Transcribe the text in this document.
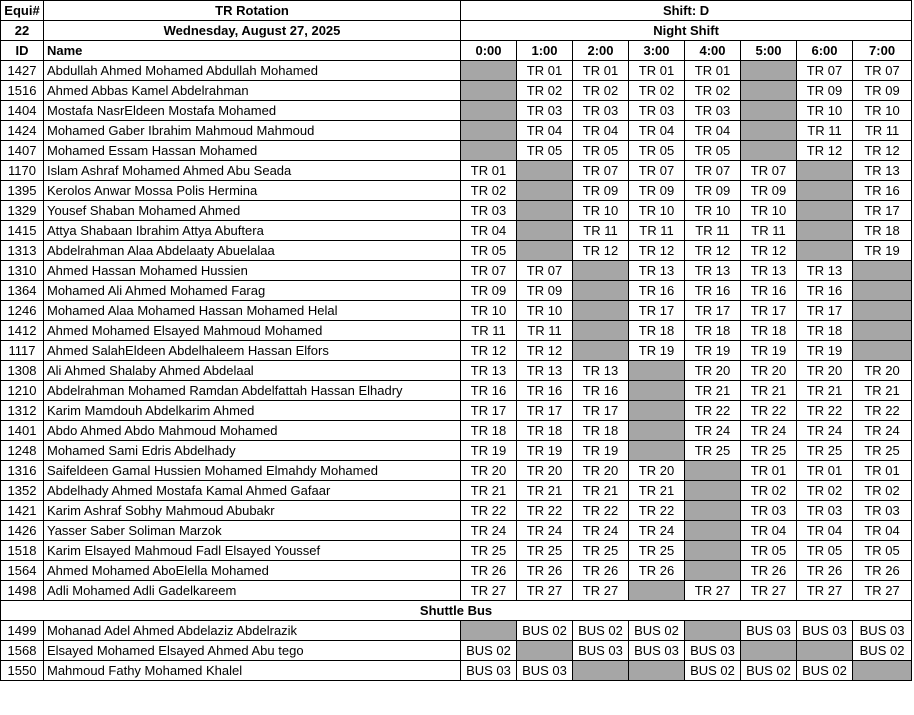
Equi#	TR Rotation	Shift: D							
22	Wednesday, August 27, 2025	Night Shift							
ID	Name	0:00	1:00	2:00	3:00	4:00	5:00	6:00	7:00
1427	Abdullah Ahmed Mohamed Abdullah Mohamed		TR 01	TR 01	TR 01	TR 01		TR 07	TR 07
1516	Ahmed Abbas Kamel Abdelrahman		TR 02	TR 02	TR 02	TR 02		TR 09	TR 09
1404	Mostafa NasrEldeen Mostafa Mohamed		TR 03	TR 03	TR 03	TR 03		TR 10	TR 10
1424	Mohamed Gaber Ibrahim Mahmoud Mahmoud		TR 04	TR 04	TR 04	TR 04		TR 11	TR 11
1407	Mohamed Essam Hassan Mohamed		TR 05	TR 05	TR 05	TR 05		TR 12	TR 12
1170	Islam Ashraf Mohamed Ahmed Abu Seada	TR 01		TR 07	TR 07	TR 07	TR 07		TR 13
1395	Kerolos Anwar Mossa Polis Hermina	TR 02		TR 09	TR 09	TR 09	TR 09		TR 16
1329	Yousef Shaban Mohamed Ahmed	TR 03		TR 10	TR 10	TR 10	TR 10		TR 17
1415	Attya Shabaan Ibrahim Attya Abuftera	TR 04		TR 11	TR 11	TR 11	TR 11		TR 18
1313	Abdelrahman Alaa Abdelaaty Abuelalaa	TR 05		TR 12	TR 12	TR 12	TR 12		TR 19
1310	Ahmed Hassan Mohamed Hussien	TR 07	TR 07		TR 13	TR 13	TR 13	TR 13	
1364	Mohamed Ali Ahmed Mohamed Farag	TR 09	TR 09		TR 16	TR 16	TR 16	TR 16	
1246	Mohamed Alaa Mohamed Hassan Mohamed Helal	TR 10	TR 10		TR 17	TR 17	TR 17	TR 17	
1412	Ahmed Mohamed Elsayed Mahmoud Mohamed	TR 11	TR 11		TR 18	TR 18	TR 18	TR 18	
1117	Ahmed SalahEldeen Abdelhaleem Hassan Elfors	TR 12	TR 12		TR 19	TR 19	TR 19	TR 19	
1308	Ali Ahmed Shalaby Ahmed Abdelaal	TR 13	TR 13	TR 13		TR 20	TR 20	TR 20	TR 20
1210	Abdelrahman Mohamed Ramdan Abdelfattah Hassan Elhadry	TR 16	TR 16	TR 16		TR 21	TR 21	TR 21	TR 21
1312	Karim Mamdouh Abdelkarim Ahmed	TR 17	TR 17	TR 17		TR 22	TR 22	TR 22	TR 22
1401	Abdo Ahmed Abdo Mahmoud Mohamed	TR 18	TR 18	TR 18		TR 24	TR 24	TR 24	TR 24
1248	Mohamed Sami Edris Abdelhady	TR 19	TR 19	TR 19		TR 25	TR 25	TR 25	TR 25
1316	Saifeldeen Gamal Hussien Mohamed Elmahdy Mohamed	TR 20	TR 20	TR 20	TR 20		TR 01	TR 01	TR 01
1352	Abdelhady Ahmed Mostafa Kamal Ahmed Gafaar	TR 21	TR 21	TR 21	TR 21		TR 02	TR 02	TR 02
1421	Karim Ashraf Sobhy Mahmoud Abubakr	TR 22	TR 22	TR 22	TR 22		TR 03	TR 03	TR 03
1426	Yasser Saber Soliman Marzok	TR 24	TR 24	TR 24	TR 24		TR 04	TR 04	TR 04
1518	Karim Elsayed Mahmoud Fadl Elsayed Youssef	TR 25	TR 25	TR 25	TR 25		TR 05	TR 05	TR 05
1564	Ahmed Mohamed AboElella Mohamed	TR 26	TR 26	TR 26	TR 26		TR 26	TR 26	TR 26
1498	Adli Mohamed Adli Gadelkareem	TR 27	TR 27	TR 27		TR 27	TR 27	TR 27	TR 27
Shuttle Bus									
1499	Mohanad Adel Ahmed Abdelaziz Abdelrazik		BUS 02	BUS 02	BUS 02		BUS 03	BUS 03	BUS 03
1568	Elsayed Mohamed Elsayed Ahmed Abu tego	BUS 02		BUS 03	BUS 03	BUS 03			BUS 02
1550	Mahmoud Fathy Mohamed Khalel	BUS 03	BUS 03			BUS 02	BUS 02	BUS 02	
